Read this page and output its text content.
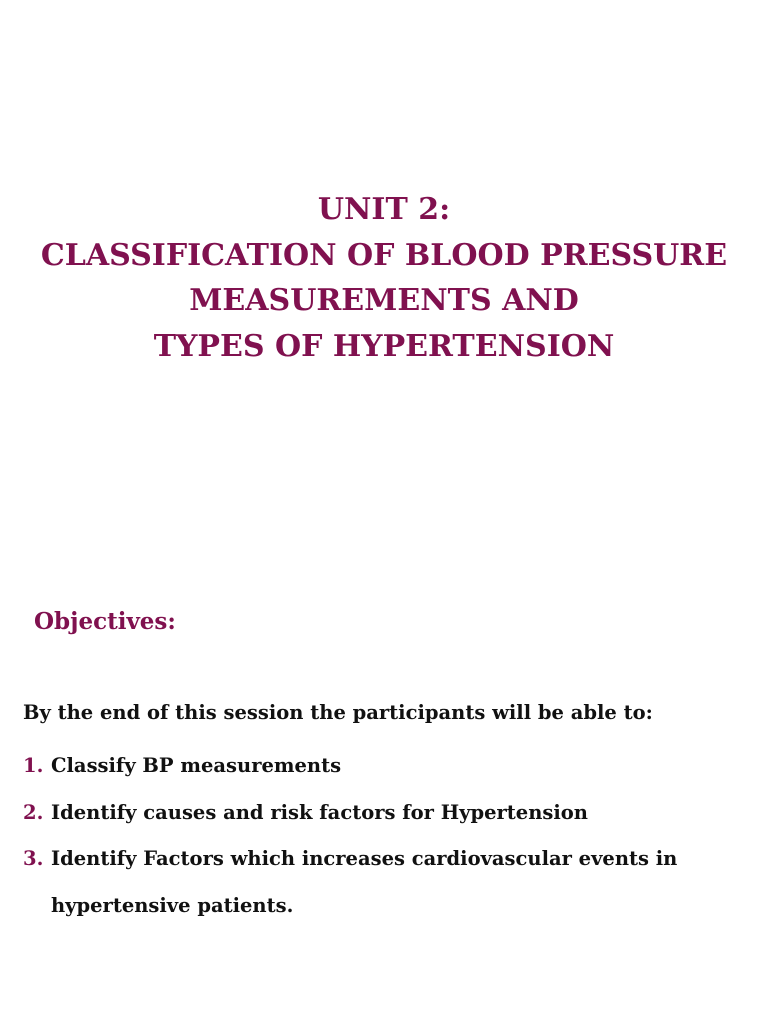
UNIT 2:
CLASSIFICATION OF BLOOD PRESSURE
MEASUREMENTS AND
TYPES OF HYPERTENSION
Objectives:
By the end of this session the participants will be able to:
1. Classify BP measurements
2. Identify causes and risk factors for Hypertension
3. Identify Factors which increases cardiovascular events in
hypertensive patients.
